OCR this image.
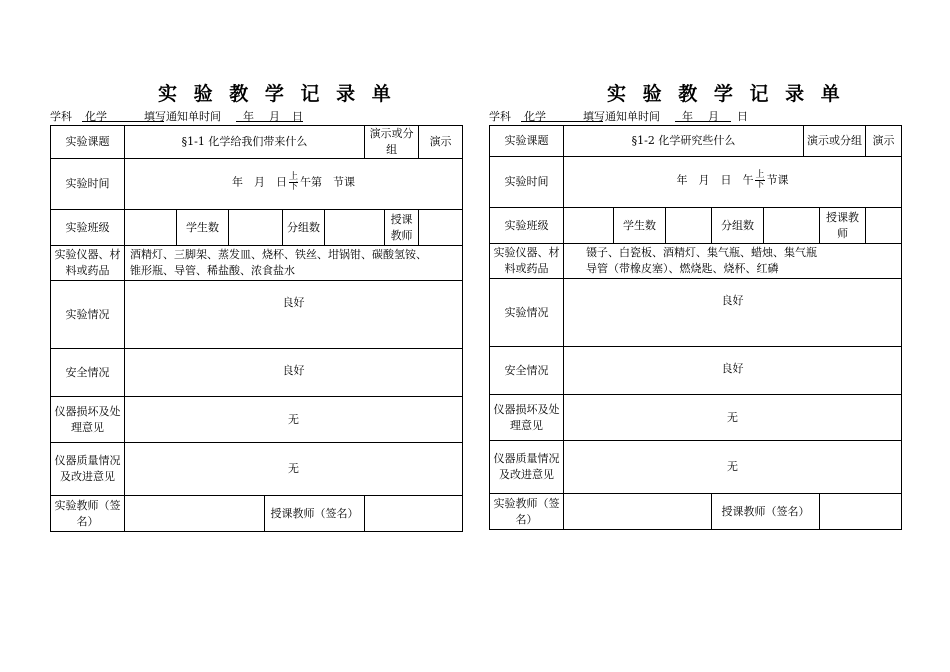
实 验 教 学 记 录 单
学科 化学	填写通知单时间 年 月 日
实验课题	§1-1 化学给我们带来什么						演示或分组		演示
实验时间	年　月　日 上
下 午第　节课								
实验班级		学生数			分组数			授课教师	
实验仪器、材料或药品	酒精灯、三脚架、蒸发皿、烧杯、铁丝、坩锅钳、碳酸氢铵、
锥形瓶、导管、稀盐酸、浓食盐水								

实验情况	良好								
安全情况	良好								
仪器损坏及处理意见	无								
仪器质量情况及改进意见	无								
实验教师（签名）				授课教师（签名）					
实 验 教 学 记 录 单
学科 化学	填写通知单时间 年 月 日
实验课题	§1-2 化学研究些什么					演示或分组		演示
实验时间	年　月　日　午 上
下 节课							
实验班级		学生数		分组数			授课教师	
实验仪器、材料或药品	镊子、白瓷板、酒精灯、集气瓶、蜡烛、集气瓶
导管（带橡皮塞）、燃烧匙、烧杯、红磷							

实验情况	良好							
安全情况	良好							
仪器损坏及处理意见	无							
仪器质量情况及改进意见	无							
实验教师（签名）				授课教师（签名）				
